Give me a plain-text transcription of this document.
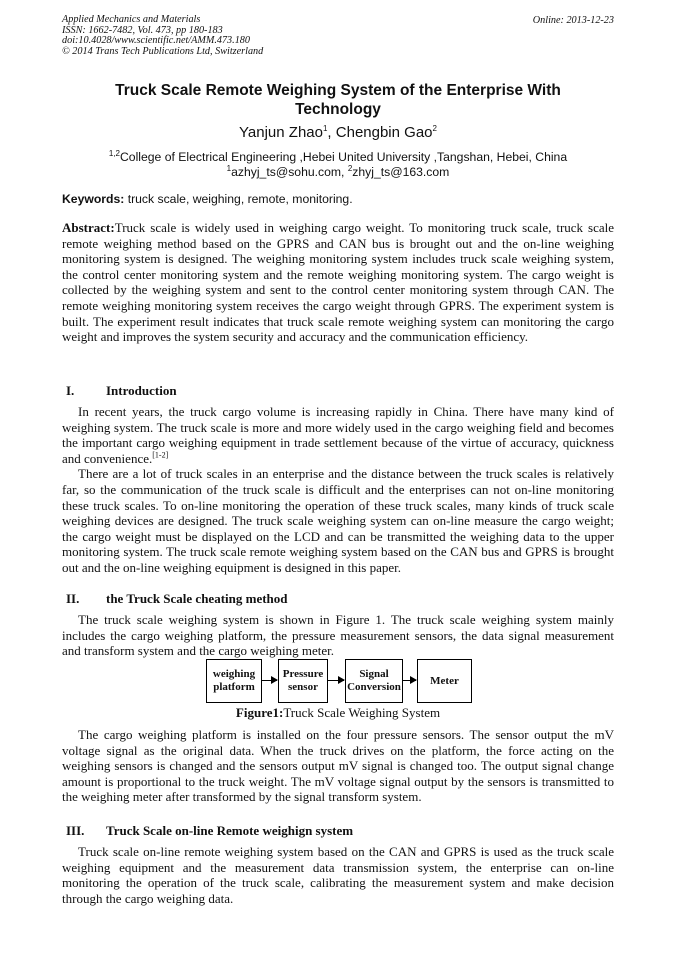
Applied Mechanics and Materials
ISSN: 1662-7482, Vol. 473, pp 180-183
doi:10.4028/www.scientific.net/AMM.473.180
© 2014 Trans Tech Publications Ltd, Switzerland
Online: 2013-12-23
Truck Scale Remote Weighing System of the Enterprise With Technology
Yanjun Zhao$^1$, Chengbin Gao$^2$
$^{1,2}$College of Electrical Engineering ,Hebei United University ,Tangshan, Hebei, China
$^1$azhyj_ts@sohu.com, $^2$zhyj_ts@163.com
Keywords: truck scale, weighing, remote, monitoring.

Abstract:Truck scale is widely used in weighing cargo weight. To monitoring truck scale, truck scale remote weighing method based on the GPRS and CAN bus is brought out and the on-line weighing monitoring system is designed. The weighing monitoring system includes truck scale weighing system, the control center monitoring system and the remote weighing monitoring system. The cargo weight is collected by the weighing system and sent to the control center monitoring system through CAN. The remote weighing monitoring system receives the cargo weight through GPRS. The experiment system is built. The experiment result indicates that truck scale remote weighing system can monitoring the cargo weight and improves the system security and accuracy and the communication efficiency.

I. Introduction

In recent years, the truck cargo volume is increasing rapidly in China. There have many kind of weighing system. The truck scale is more and more widely used in the cargo weighing field and becomes the important cargo weighing equipment in trade settlement because of the virtue of accuracy, quickness and convenience.[1-2]

There are a lot of truck scales in an enterprise and the distance between the truck scales is relatively far, so the communication of the truck scale is difficult and the enterprises can not on-line monitoring these truck scales. To on-line monitoring the operation of these truck scales, many kinds of truck scale weighing devices are designed. The truck scale weighing system can on-line measure the cargo weight; the cargo weight must be displayed on the LCD and can be transmitted the weighing data to the upper monitoring system. The truck scale remote weighing system based on the CAN bus and GPRS is brought out and the on-line weighing equipment is designed in this paper.

II. the Truck Scale cheating method

The truck scale weighing system is shown in Figure 1. The truck scale weighing system mainly includes the cargo weighing platform, the pressure measurement sensors, the data signal measurement and transform system and the cargo weighing meter.

weighing platform
Pressure sensor
Signal Conversion
Meter
Figure1:Truck Scale Weighing System

The cargo weighing platform is installed on the four pressure sensors. The sensor output the mV voltage signal as the original data. When the truck drives on the platform, the force acting on the weighing sensors is changed and the sensors output mV signal is changed too. The output signal change amount is proportional to the truck weight. The mV voltage signal output by the sensors is transmitted to the weighing meter after transformed by the signal transform system.

III. Truck Scale on-line Remote weighign system

Truck scale on-line remote weighing system based on the CAN and GPRS is used as the truck scale weighing equipment and the measurement data transmission system, the enterprise can on-line monitoring the operation of the truck scale, calibrating the measurement system and make decision through the cargo weighing data.
